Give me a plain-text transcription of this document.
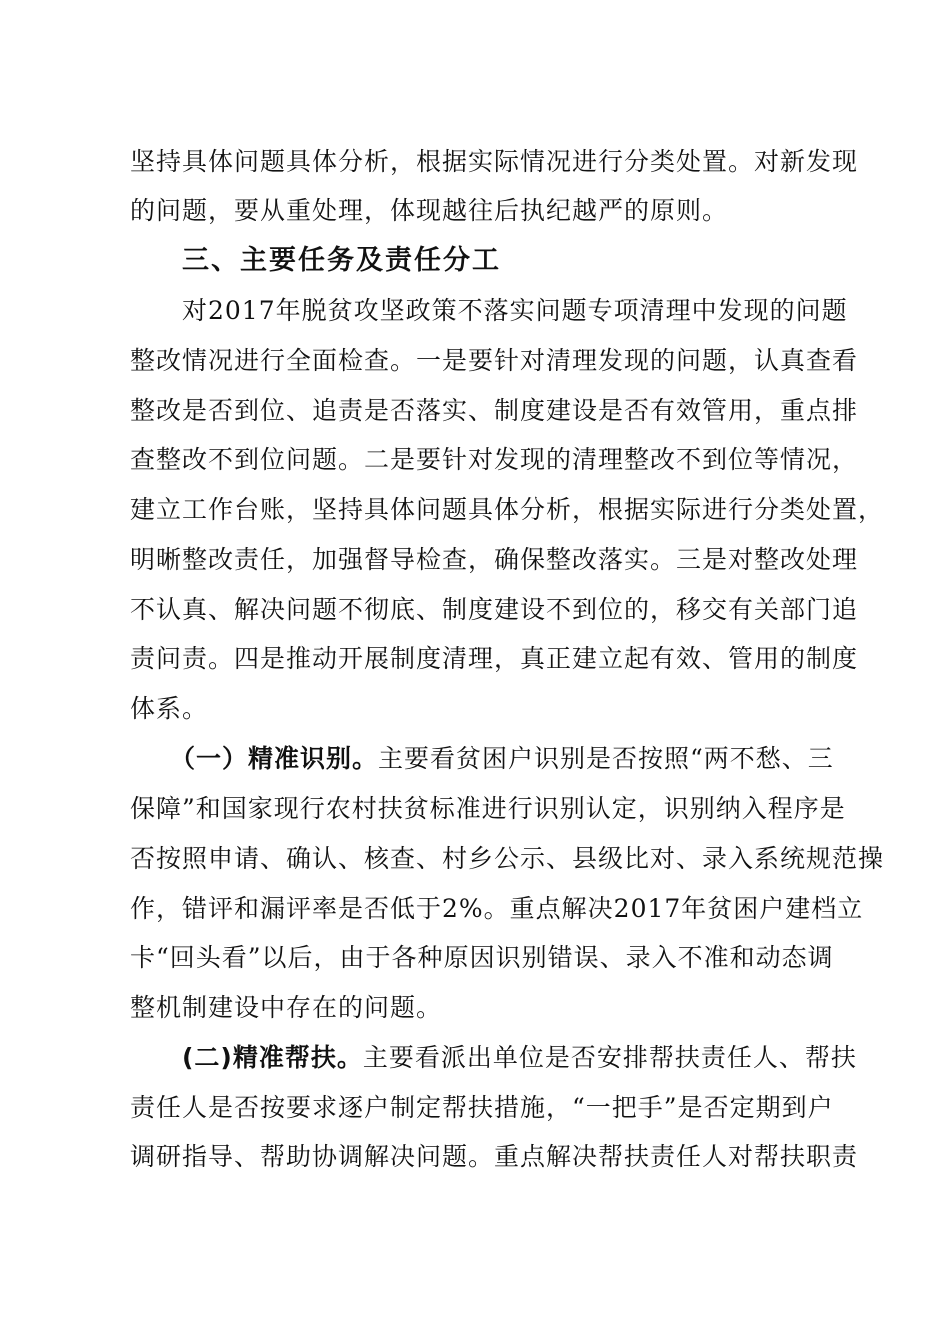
坚持具体问题具体分析，根据实际情况进行分类处置。对新发现
的问题，要从重处理，体现越往后执纪越严的原则。
三、主要任务及责任分工
对2017年脱贫攻坚政策不落实问题专项清理中发现的问题
整改情况进行全面检查。一是要针对清理发现的问题，认真查看
整改是否到位、追责是否落实、制度建设是否有效管用，重点排
查整改不到位问题。二是要针对发现的清理整改不到位等情况，
建立工作台账，坚持具体问题具体分析，根据实际进行分类处置，
明晰整改责任，加强督导检查，确保整改落实。三是对整改处理
不认真、解决问题不彻底、制度建设不到位的，移交有关部门追
责问责。四是推动开展制度清理，真正建立起有效、管用的制度
体系。
（一）精准识别。主要看贫困户识别是否按照“两不愁、三
保障”和国家现行农村扶贫标准进行识别认定，识别纳入程序是
否按照申请、确认、核查、村乡公示、县级比对、录入系统规范操
作，错评和漏评率是否低于2%。重点解决2017年贫困户建档立
卡“回头看”以后，由于各种原因识别错误、录入不准和动态调
整机制建设中存在的问题。
(二)精准帮扶。主要看派出单位是否安排帮扶责任人、帮扶
责任人是否按要求逐户制定帮扶措施，“一把手”是否定期到户
调研指导、帮助协调解决问题。重点解决帮扶责任人对帮扶职责
